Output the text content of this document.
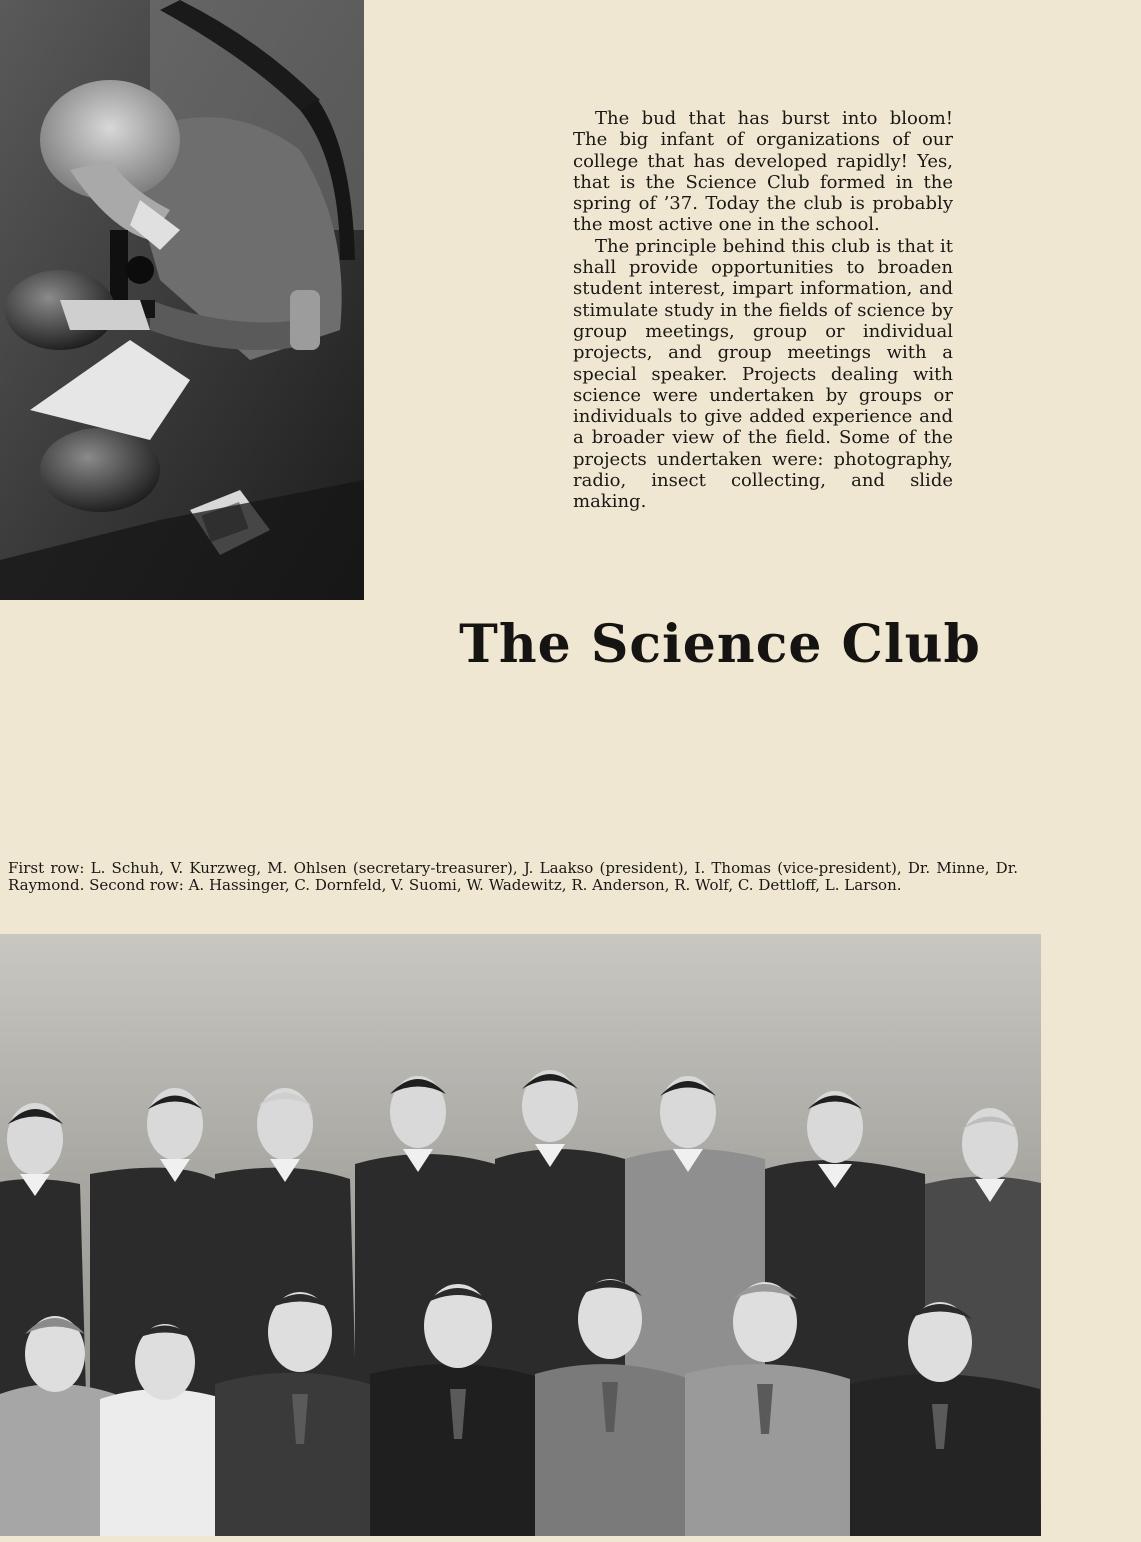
The bud that has burst into bloom! The big infant of organizations of our college that has developed rapidly! Yes, that is the Science Club formed in the spring of ’37. Today the club is probably the most active one in the school.

The principle behind this club is that it shall provide opportunities to broaden student interest, impart information, and stimulate study in the fields of science by group meetings, group or individual projects, and group meetings with a special speaker. Projects dealing with science were undertaken by groups or individuals to give added experience and a broader view of the field. Some of the projects undertaken were: photography, radio, insect collecting, and slide making.

The Science Club
First row: L. Schuh, V. Kurzweg, M. Ohlsen (secretary-treasurer), J. Laakso (president), I. Thomas (vice-president), Dr. Minne, Dr. Raymond. Second row: A. Hassinger, C. Dornfeld, V. Suomi, W. Wadewitz, R. Anderson, R. Wolf, C. Dettloff, L. Larson.
